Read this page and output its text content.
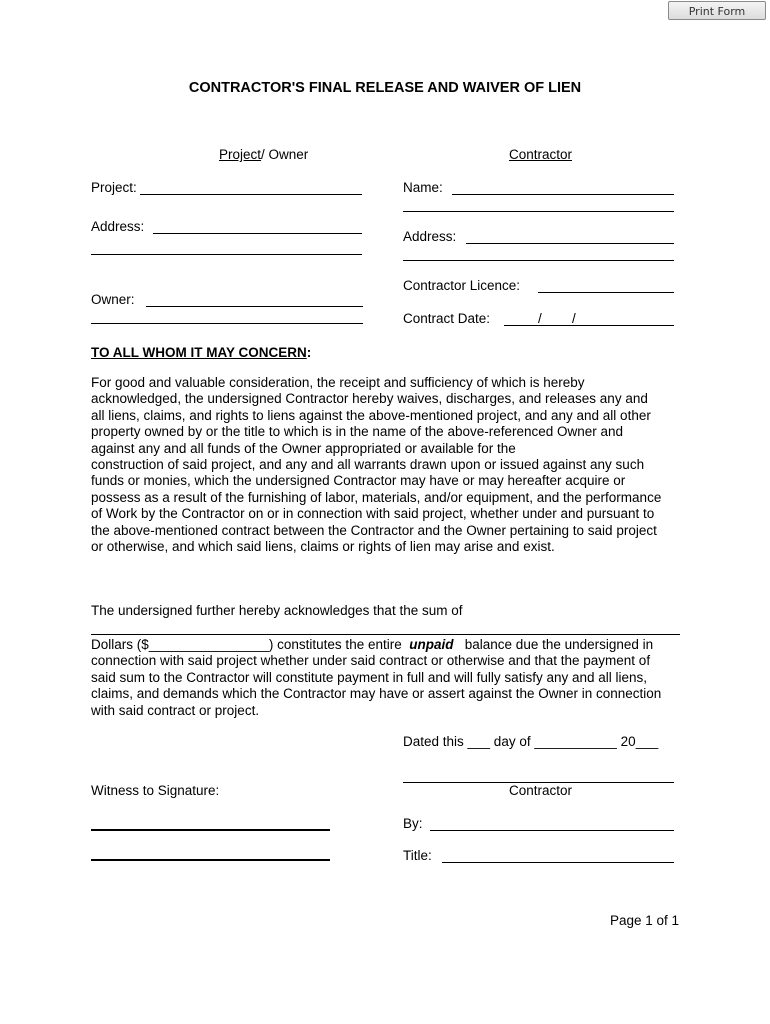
Print Form
CONTRACTOR'S FINAL RELEASE AND WAIVER OF LIEN
Project/ Owner	Contractor
Project:
Address:
Owner:
Name:
Address:
Contractor Licence:
Contract Date:	/ /
TO ALL WHOM IT MAY CONCERN:
For good and valuable consideration, the receipt and sufficiency of which is hereby
acknowledged, the undersigned Contractor hereby waives, discharges, and releases any and
all liens, claims, and rights to liens against the above-mentioned project, and any and all other
property owned by or the title to which is in the name of the above-referenced Owner and
against any and all funds of the Owner appropriated or available for the
construction of said project, and any and all warrants drawn upon or issued against any such
funds or monies, which the undersigned Contractor may have or may hereafter acquire or
possess as a result of the furnishing of labor, materials, and/or equipment, and the performance
of Work by the Contractor on or in connection with said project, whether under and pursuant to
the above-mentioned contract between the Contractor and the Owner pertaining to said project
or otherwise, and which said liens, claims or rights of lien may arise and exist.
The undersigned further hereby acknowledges that the sum of
Dollars ($________________) constitutes the entire unpaid balance due the undersigned in
connection with said project whether under said contract or otherwise and that the payment of
said sum to the Contractor will constitute payment in full and will fully satisfy any and all liens,
claims, and demands which the Contractor may have or assert against the Owner in connection
with said contract or project.
Dated this ___ day of ___________ 20___
Witness to Signature:	Contractor
By:
Title:
Page 1 of 1
